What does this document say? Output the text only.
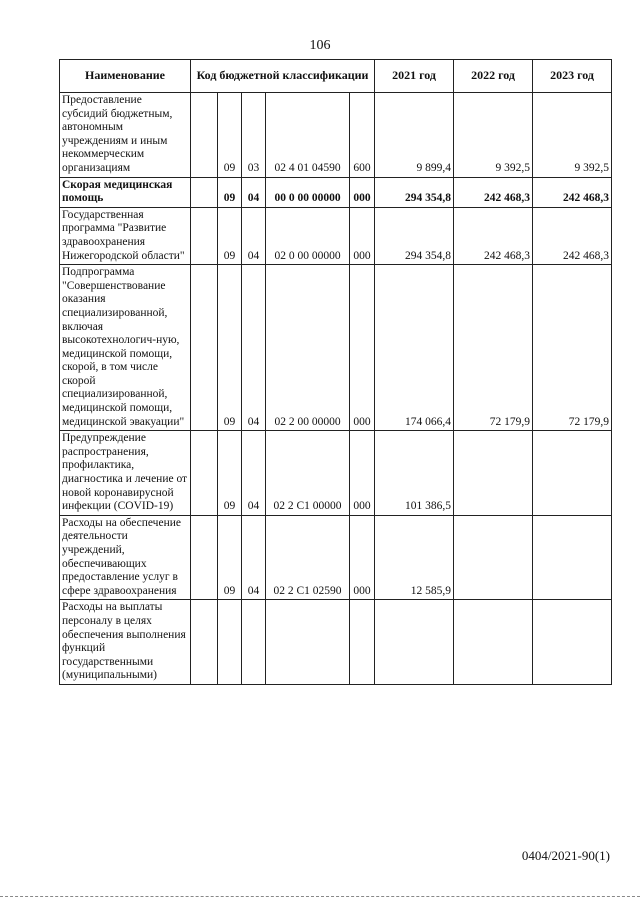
106
Наименование	Код бюджетной классификации					2021 год	2022 год	2023 год
Предоставление субсидий бюджетным, автономным учреждениям и иным некоммерческим организациям		09	03	02 4 01 04590	600	9 899,4	9 392,5	9 392,5
Скорая медицинская помощь		09	04	00 0 00 00000	000	294 354,8	242 468,3	242 468,3
Государственная программа "Развитие здравоохранения Нижегородской области"		09	04	02 0 00 00000	000	294 354,8	242 468,3	242 468,3
Подпрограмма "Совершенствование оказания специализированной, включая высокотехнологич-ную, медицинской помощи, скорой, в том числе скорой специализированной, медицинской помощи, медицинской эвакуации"		09	04	02 2 00 00000	000	174 066,4	72 179,9	72 179,9
Предупреждение распространения, профилактика, диагностика и лечение от новой коронавирусной инфекции (COVID-19)		09	04	02 2 C1 00000	000	101 386,5		
Расходы на обеспечение деятельности учреждений, обеспечивающих предоставление услуг в сфере здравоохранения		09	04	02 2 C1 02590	000	12 585,9		
Расходы на выплаты персоналу в целях обеспечения выполнения функций государственными (муниципальными)								
0404/2021-90(1)
